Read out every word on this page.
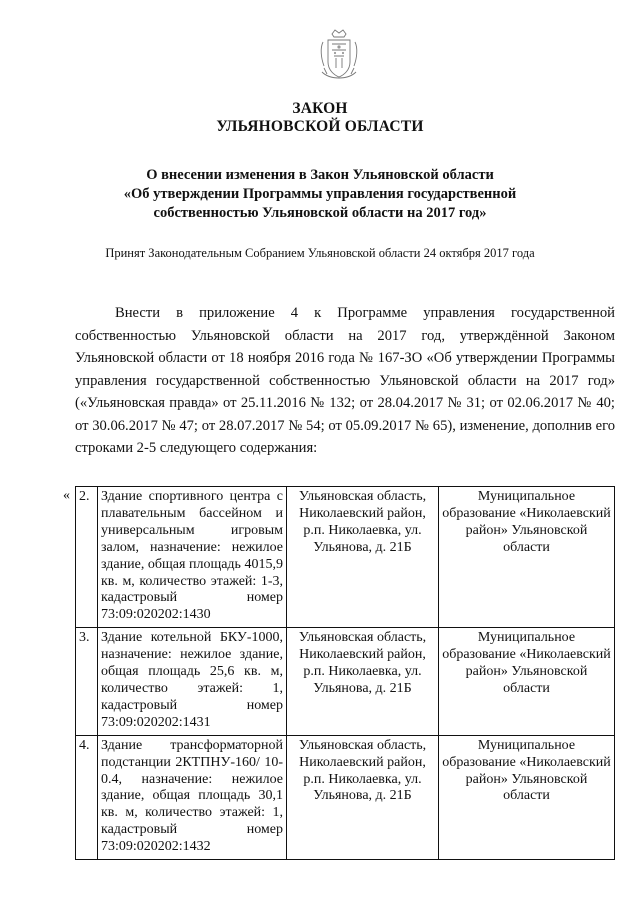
ЗАКОН
УЛЬЯНОВСКОЙ ОБЛАСТИ
О внесении изменения в Закон Ульяновской области
«Об утверждении Программы управления государственной
собственностью Ульяновской области на 2017 год»
Принят Законодательным Собранием Ульяновской области 24 октября 2017 года
Внести в приложение 4 к Программе управления государственной собственностью Ульяновской области на 2017 год, утверждённой Законом Ульяновской области от 18 ноября 2016 года № 167-ЗО «Об утверждении Программы управления государственной собственностью Ульяновской области на 2017 год» («Ульяновская правда» от 25.11.2016 № 132; от 28.04.2017 № 31; от 02.06.2017 № 40; от 30.06.2017 № 47; от 28.07.2017 № 54; от 05.09.2017 № 65), изменение, дополнив его строками 2-5 следующего содержания:
« 2.	Здание спортивного центра с плавательным бассейном и универсальным игровым залом, назначение: нежилое здание, общая площадь 4015,9 кв. м, количество этажей: 1-3, кадастровый номер 73:09:020202:1430	Ульяновская область, Николаевский район, р.п. Николаевка, ул. Ульянова, д. 21Б	Муниципальное образование «Николаевский район» Ульяновской области
3.	Здание котельной БКУ-1000, назначение: нежилое здание, общая площадь 25,6 кв. м, количество этажей: 1, кадастровый номер 73:09:020202:1431	Ульяновская область, Николаевский район, р.п. Николаевка, ул. Ульянова, д. 21Б	Муниципальное образование «Николаевский район» Ульяновской области
4.	Здание трансформаторной подстанции 2КТПНУ-160/ 10-0.4, назначение: нежилое здание, общая площадь 30,1 кв. м, количество этажей: 1, кадастровый номер 73:09:020202:1432	Ульяновская область, Николаевский район, р.п. Николаевка, ул. Ульянова, д. 21Б	Муниципальное образование «Николаевский район» Ульяновской области
